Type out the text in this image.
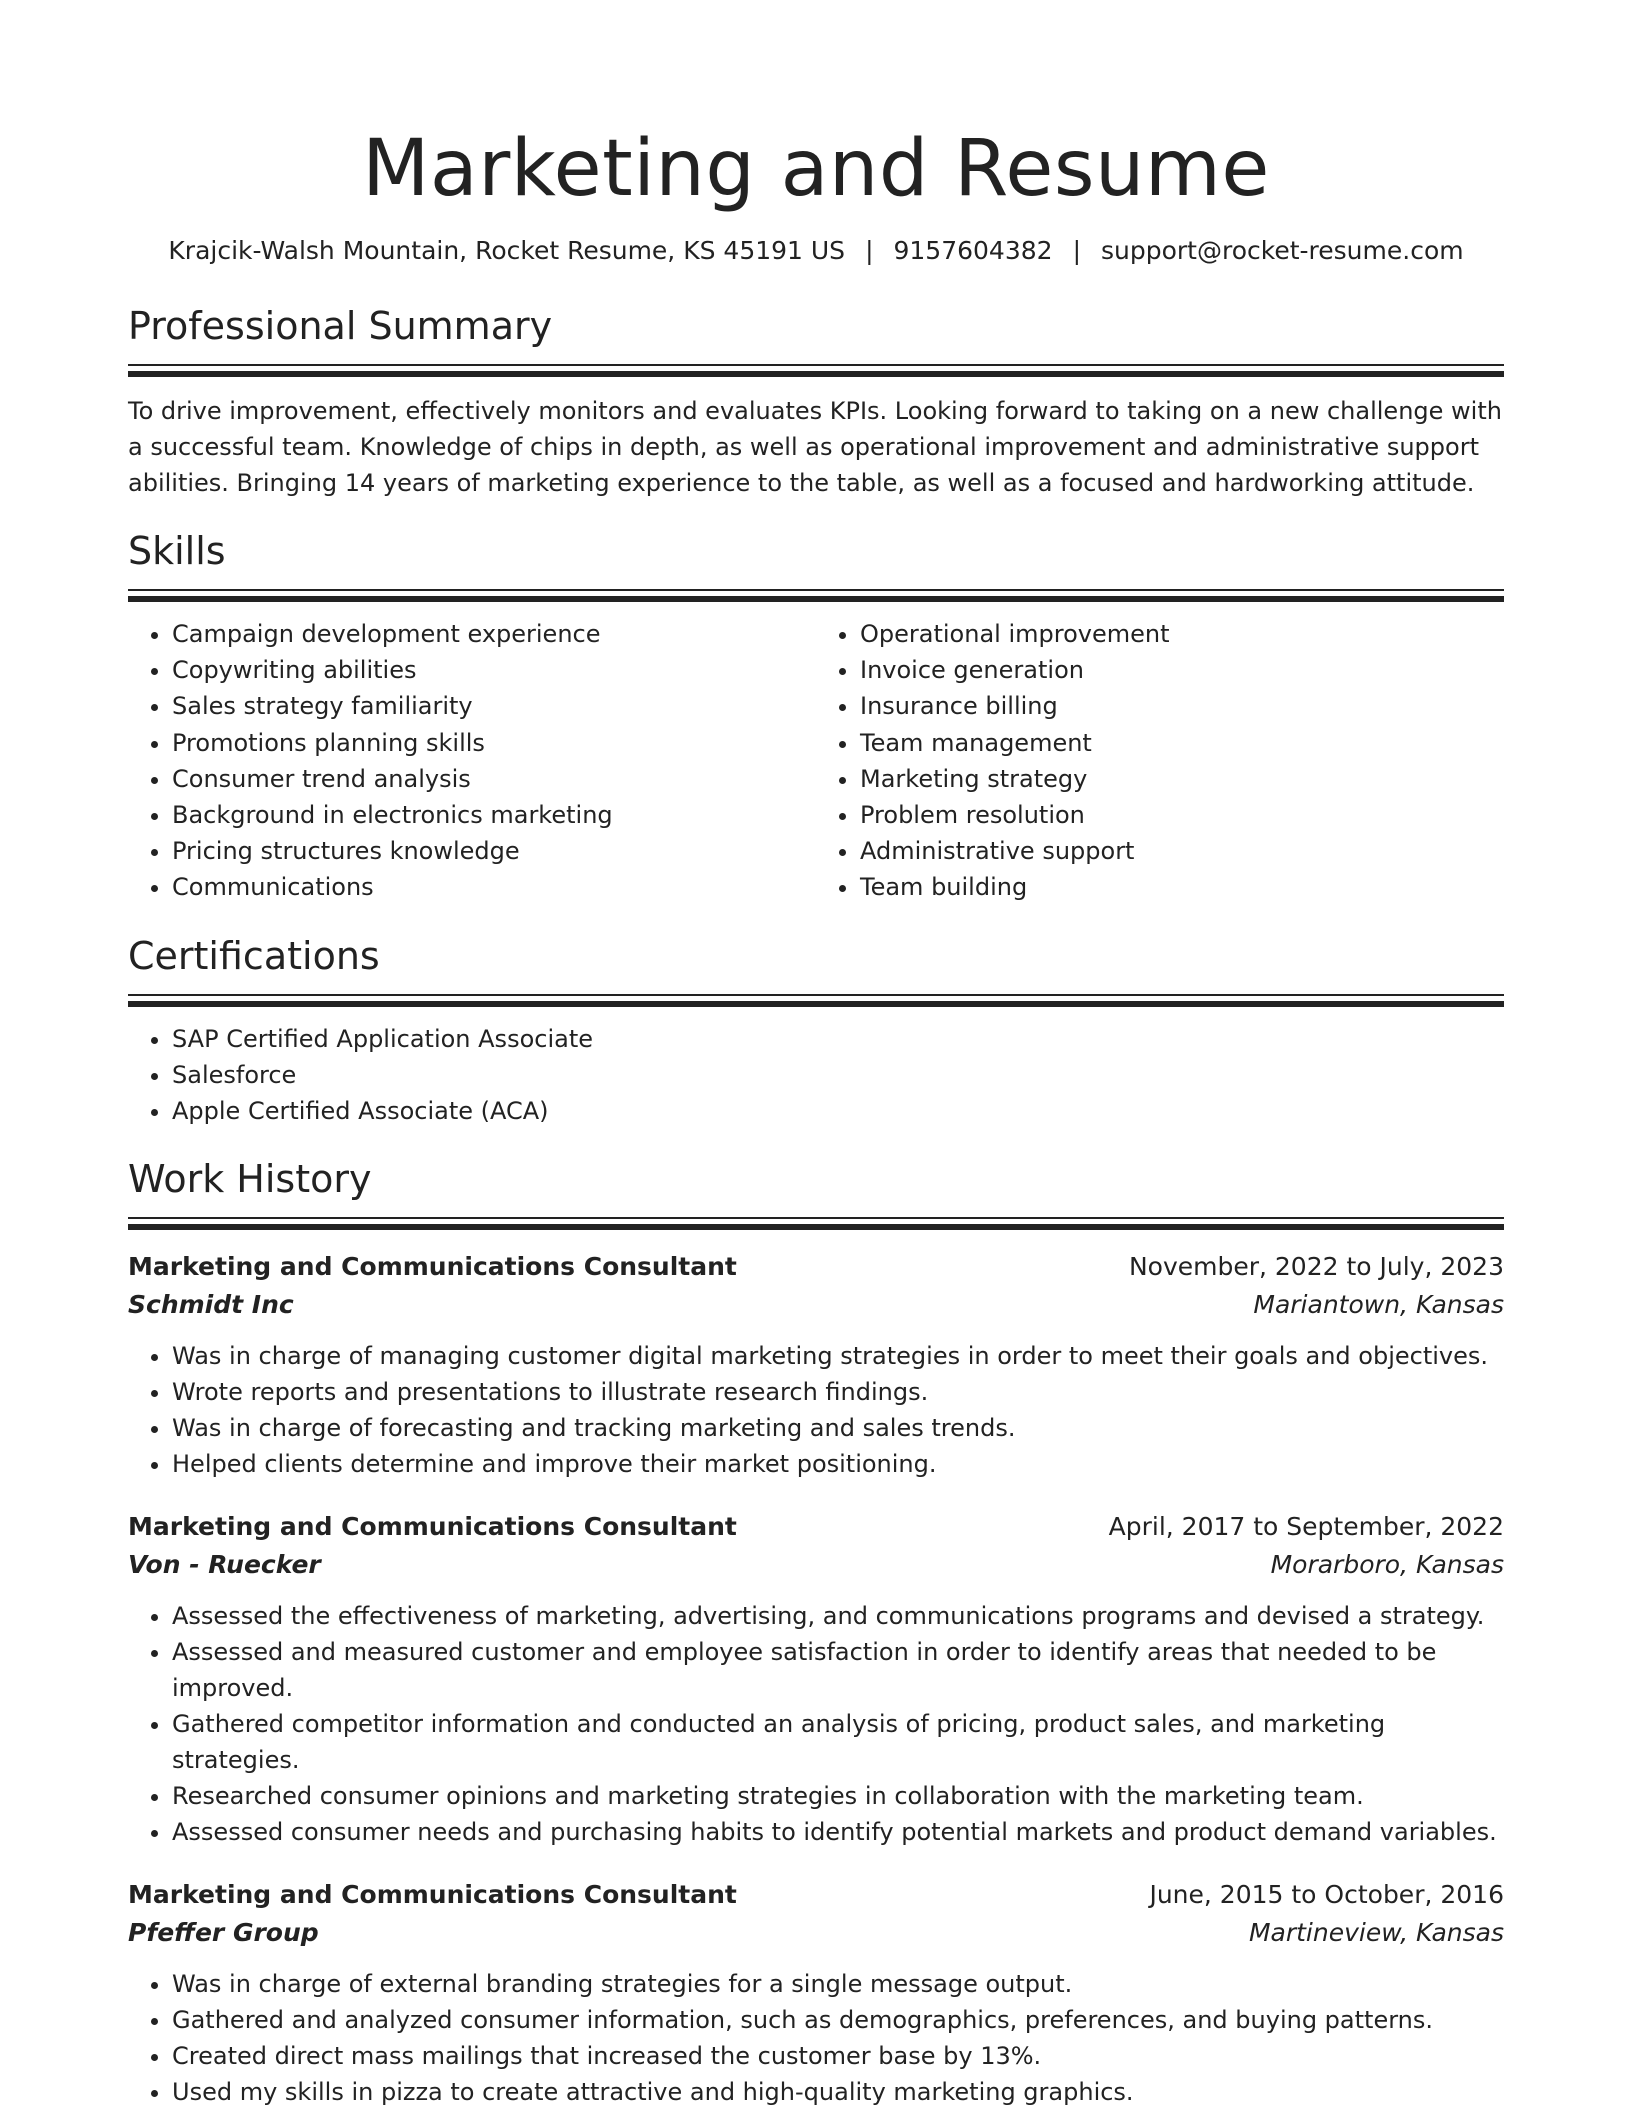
Marketing and Resume
Krajcik-Walsh Mountain, Rocket Resume, KS 45191 US | 9157604382 | support@rocket-resume.com
Professional Summary

To drive improvement, effectively monitors and evaluates KPIs. Looking forward to taking on a new challenge with a successful team. Knowledge of chips in depth, as well as operational improvement and administrative support abilities. Bringing 14 years of marketing experience to the table, as well as a focused and hardworking attitude.

Skills
• Campaign development experience
• Copywriting abilities
• Sales strategy familiarity
• Promotions planning skills
• Consumer trend analysis
• Background in electronics marketing
• Pricing structures knowledge
• Communications
• Operational improvement
• Invoice generation
• Insurance billing
• Team management
• Marketing strategy
• Problem resolution
• Administrative support
• Team building
Certifications
• SAP Certified Application Associate
• Salesforce
• Apple Certified Associate (ACA)
Work History
Marketing and Communications Consultant	November, 2022 to July, 2023
Schmidt Inc	Mariantown, Kansas
• Was in charge of managing customer digital marketing strategies in order to meet their goals and objectives.
• Wrote reports and presentations to illustrate research findings.
• Was in charge of forecasting and tracking marketing and sales trends.
• Helped clients determine and improve their market positioning.
Marketing and Communications Consultant	April, 2017 to September, 2022
Von - Ruecker	Morarboro, Kansas
• Assessed the effectiveness of marketing, advertising, and communications programs and devised a strategy.
• Assessed and measured customer and employee satisfaction in order to identify areas that needed to be improved.
• Gathered competitor information and conducted an analysis of pricing, product sales, and marketing strategies.
• Researched consumer opinions and marketing strategies in collaboration with the marketing team.
• Assessed consumer needs and purchasing habits to identify potential markets and product demand variables.
Marketing and Communications Consultant	June, 2015 to October, 2016
Pfeffer Group	Martineview, Kansas
• Was in charge of external branding strategies for a single message output.
• Gathered and analyzed consumer information, such as demographics, preferences, and buying patterns.
• Created direct mass mailings that increased the customer base by 13%.
• Used my skills in pizza to create attractive and high-quality marketing graphics.
